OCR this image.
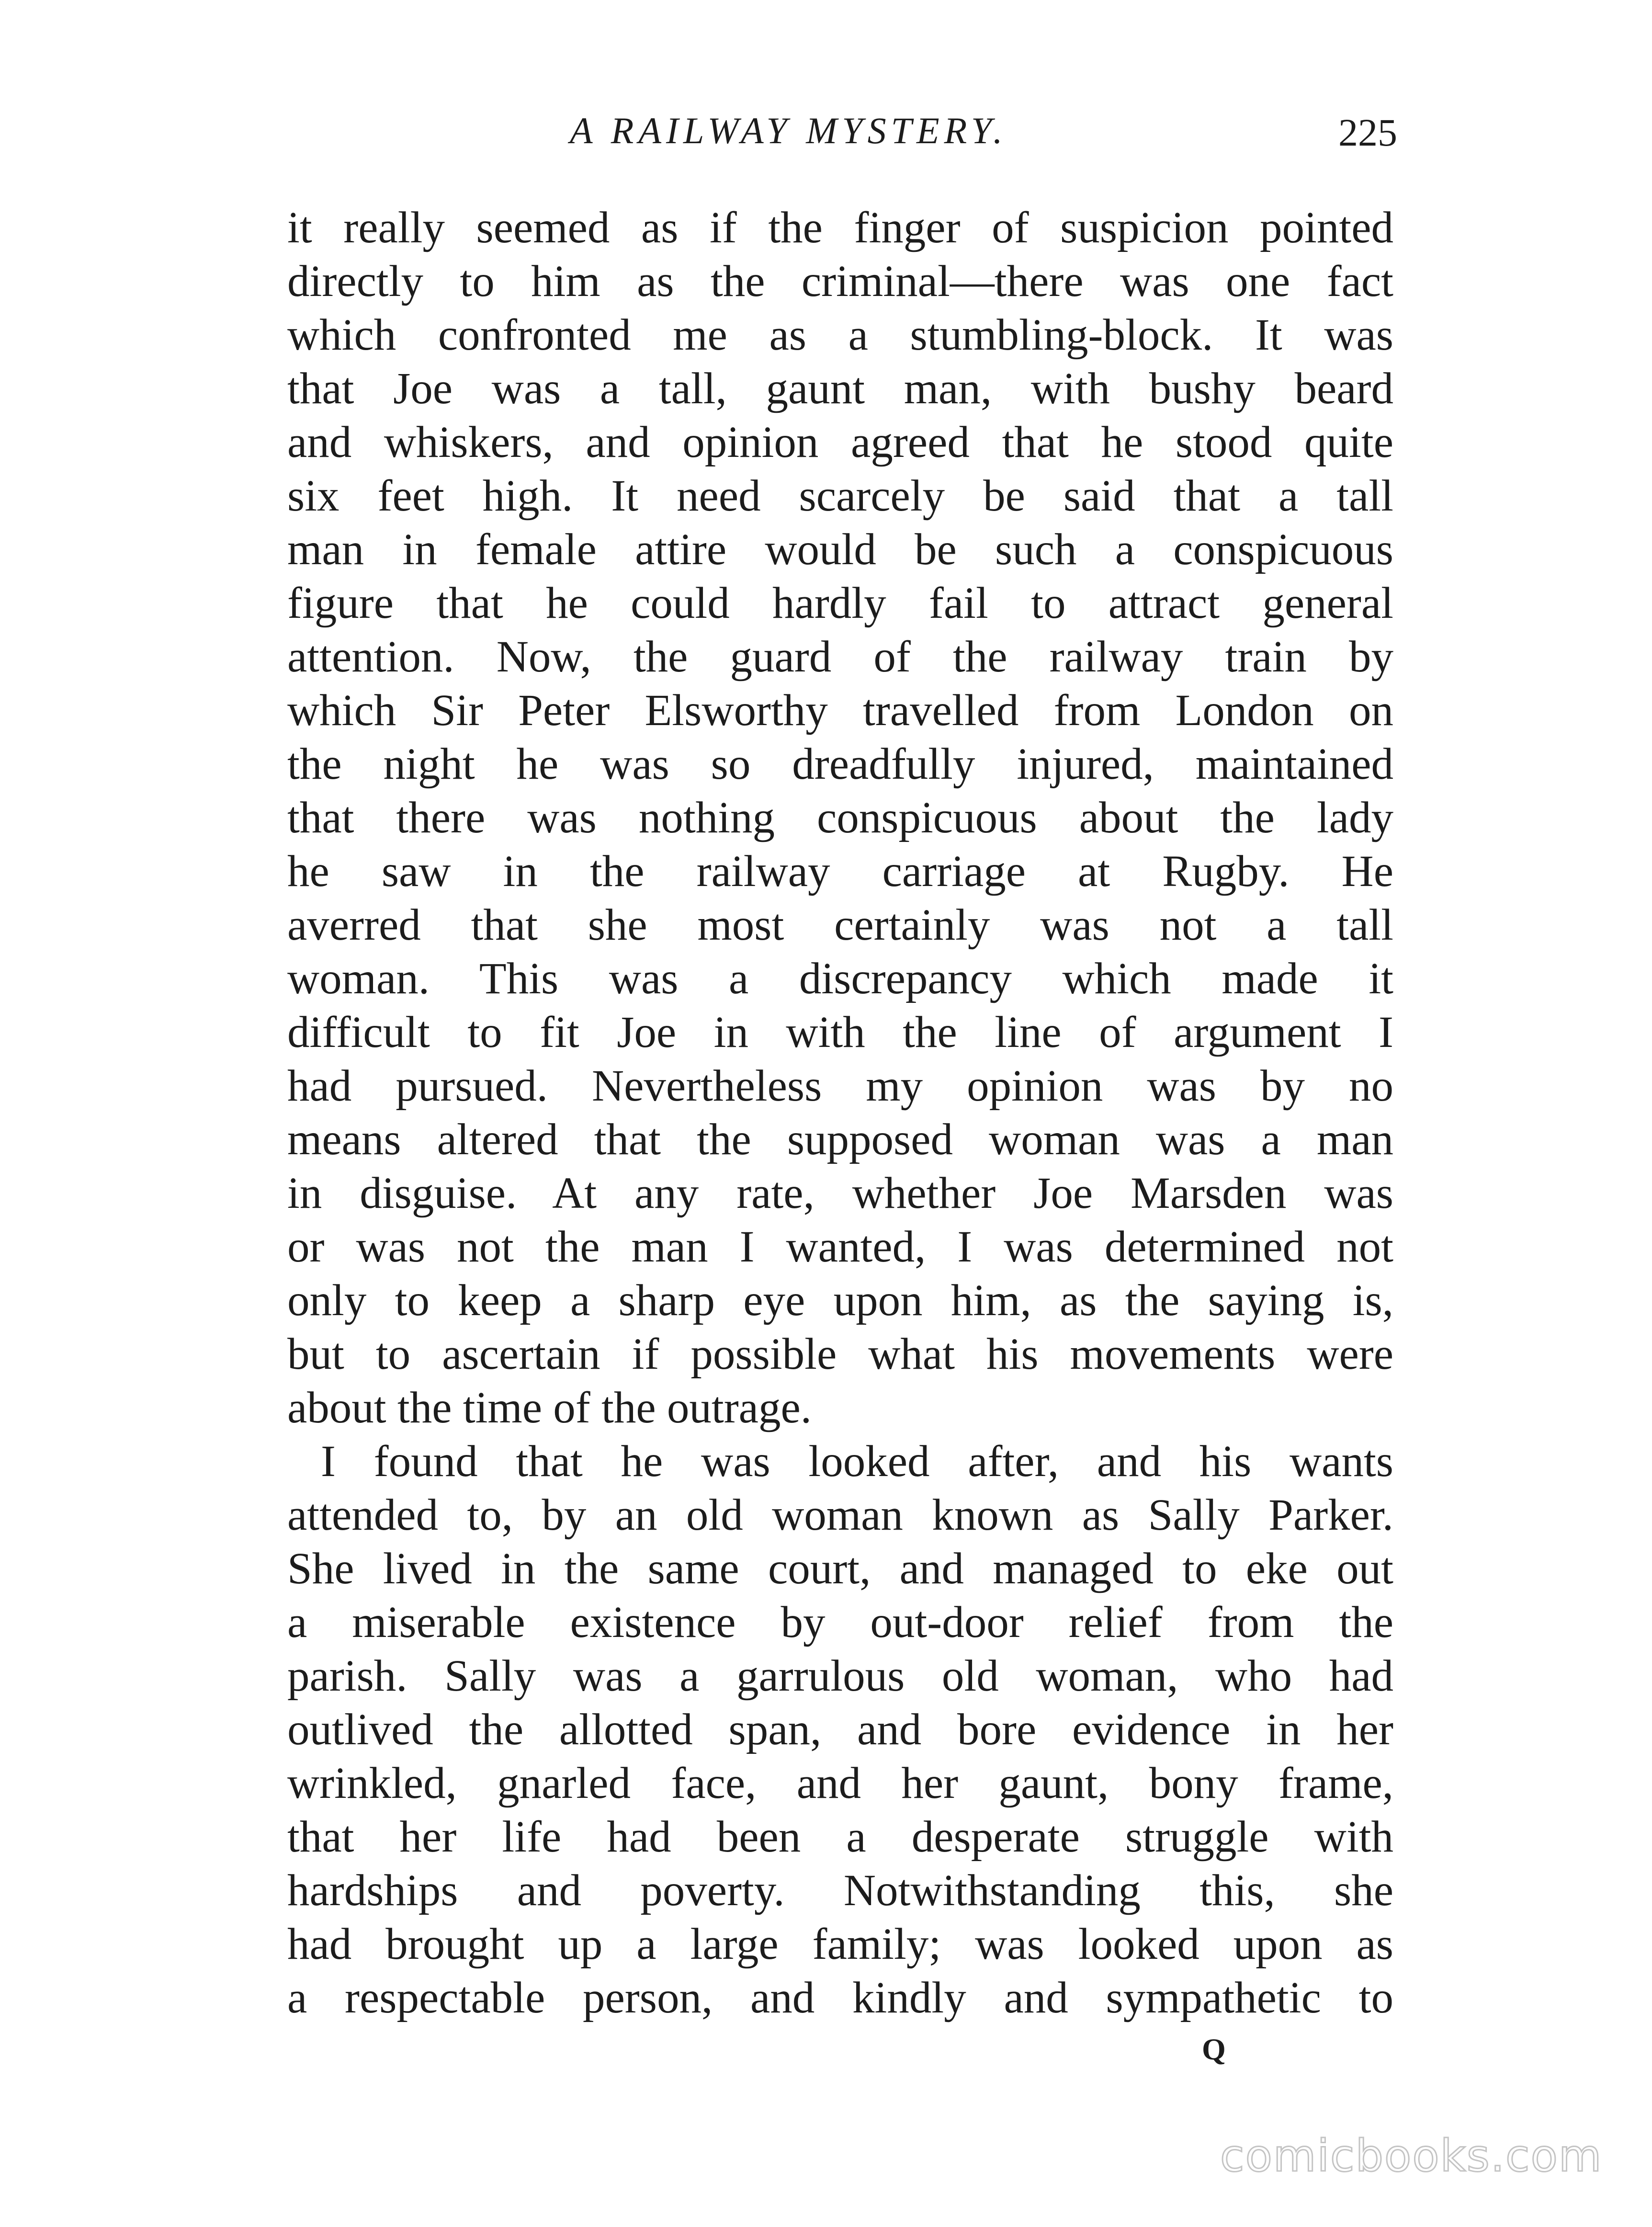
A RAILWAY MYSTERY.	225
it really seemed as if the finger of suspicion pointed
directly to him as the criminal—there was one fact
which confronted me as a stumbling-block. It was
that Joe was a tall, gaunt man, with bushy beard
and whiskers, and opinion agreed that he stood quite
six feet high. It need scarcely be said that a tall
man in female attire would be such a conspicuous
figure that he could hardly fail to attract general
attention. Now, the guard of the railway train by
which Sir Peter Elsworthy travelled from London on
the night he was so dreadfully injured, maintained
that there was nothing conspicuous about the lady
he saw in the railway carriage at Rugby. He
averred that she most certainly was not a tall
woman. This was a discrepancy which made it
difficult to fit Joe in with the line of argument I
had pursued. Nevertheless my opinion was by no
means altered that the supposed woman was a man
in disguise. At any rate, whether Joe Marsden was
or was not the man I wanted, I was determined not
only to keep a sharp eye upon him, as the saying is,
but to ascertain if possible what his movements were
about the time of the outrage.
I found that he was looked after, and his wants
attended to, by an old woman known as Sally Parker.
She lived in the same court, and managed to eke out
a miserable existence by out-door relief from the
parish. Sally was a garrulous old woman, who had
outlived the allotted span, and bore evidence in her
wrinkled, gnarled face, and her gaunt, bony frame,
that her life had been a desperate struggle with
hardships and poverty. Notwithstanding this, she
had brought up a large family; was looked upon as
a respectable person, and kindly and sympathetic to
Q
comicbooks.com
